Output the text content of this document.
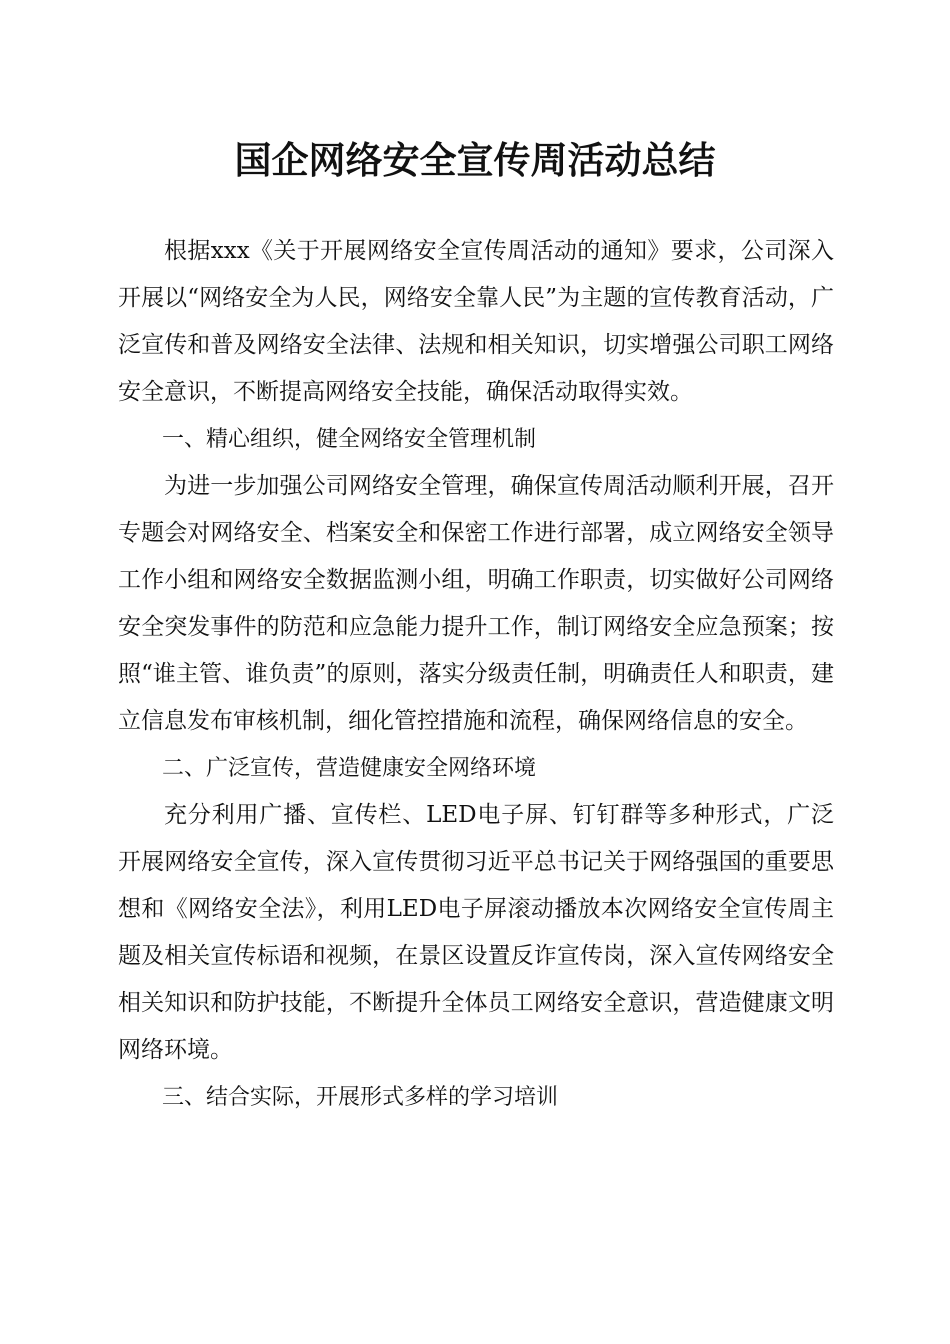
国企网络安全宣传周活动总结

根据xxx《关于开展网络安全宣传周活动的通知》要求，公司深入开展以“网络安全为人民，网络安全靠人民”为主题的宣传教育活动，广泛宣传和普及网络安全法律、法规和相关知识，切实增强公司职工网络安全意识，不断提高网络安全技能，确保活动取得实效。

一、精心组织，健全网络安全管理机制

为进一步加强公司网络安全管理，确保宣传周活动顺利开展，召开专题会对网络安全、档案安全和保密工作进行部署，成立网络安全领导工作小组和网络安全数据监测小组，明确工作职责，切实做好公司网络安全突发事件的防范和应急能力提升工作，制订网络安全应急预案；按照“谁主管、谁负责”的原则，落实分级责任制，明确责任人和职责，建立信息发布审核机制，细化管控措施和流程，确保网络信息的安全。

二、广泛宣传，营造健康安全网络环境

充分利用广播、宣传栏、LED电子屏、钉钉群等多种形式，广泛开展网络安全宣传，深入宣传贯彻习近平总书记关于网络强国的重要思想和《网络安全法》，利用LED电子屏滚动播放本次网络安全宣传周主题及相关宣传标语和视频，在景区设置反诈宣传岗，深入宣传网络安全相关知识和防护技能，不断提升全体员工网络安全意识，营造健康文明网络环境。

三、结合实际，开展形式多样的学习培训
